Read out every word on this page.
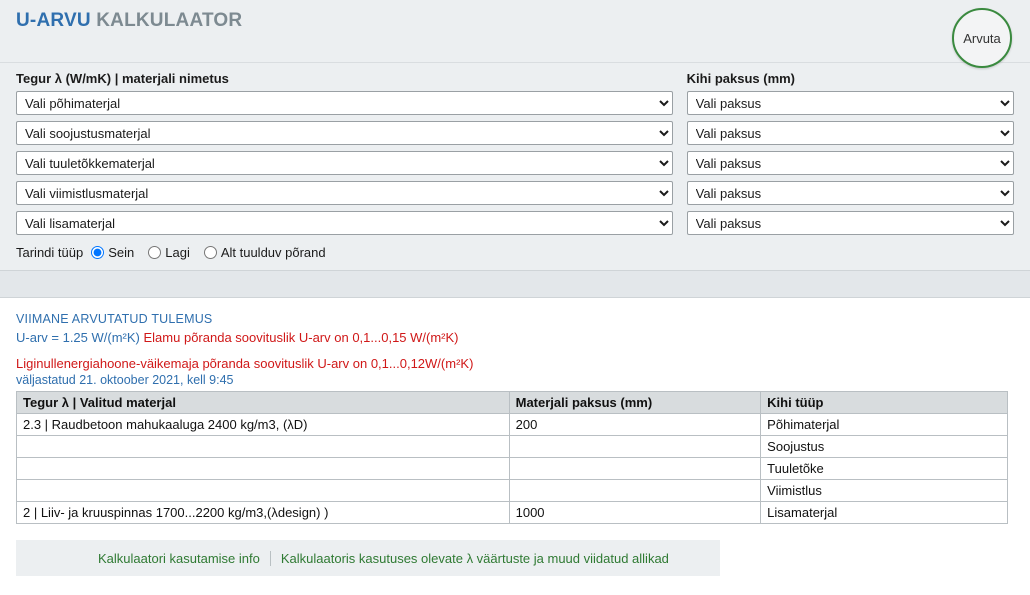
U-ARVU KALKULAATOR
Arvuta
Tegur λ (W/mK) | materjali nimetus	Kihi paksus (mm)
Vali põhimaterjal
Vali paksus
Vali soojustusmaterjal
Vali paksus
Vali tuuletõkkematerjal
Vali paksus
Vali viimistlusmaterjal
Vali paksus
Vali lisamaterjal
Vali paksus
Tarindi tüüp Sein Lagi Alt tuulduv põrand
VIIMANE ARVUTATUD TULEMUS
U-arv = 1.25 W/(m²K) Elamu põranda soovituslik U-arv on 0,1...0,15 W/(m²K)
Liginullenergiahoone-väikemaja põranda soovituslik U-arv on 0,1...0,12W/(m²K)
väljastatud 21. oktoober 2021, kell 9:45
Tegur λ | Valitud materjal	Materjali paksus (mm)	Kihi tüüp
2.3 | Raudbetoon mahukaaluga 2400 kg/m3, (λD)	200	Põhimaterjal
		Soojustus
		Tuuletõke
		Viimistlus
2 | Liiv- ja kruuspinnas 1700...2200 kg/m3,(λdesign) )	1000	Lisamaterjal
Kalkulaatori kasutamise info	Kalkulaatoris kasutuses olevate λ väärtuste ja muud viidatud allikad
